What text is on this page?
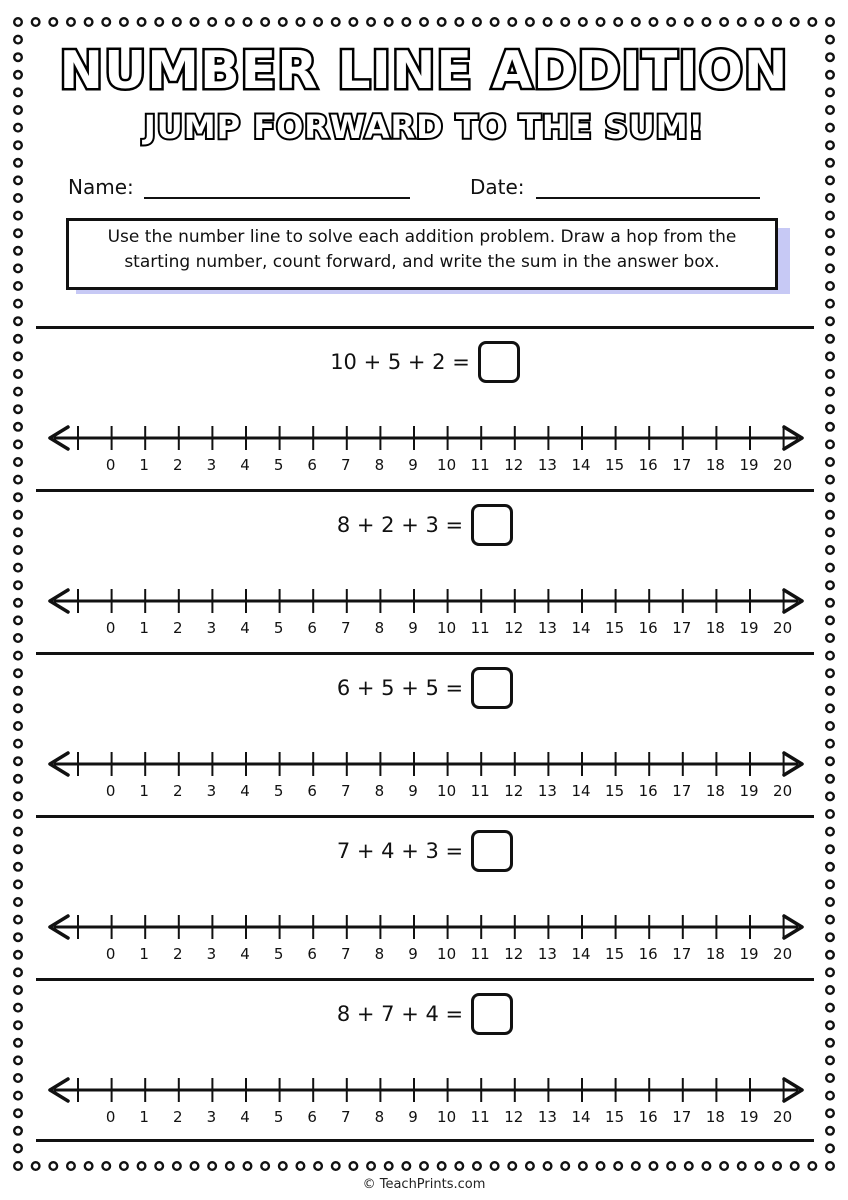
NUMBER LINE ADDITION
JUMP FORWARD TO THE SUM!
Name:	Date:
Use the number line to solve each addition problem. Draw a hop from the
starting number, count forward, and write the sum in the answer box.
10 + 5 + 2 =
0 1 2 3 4 5 6 7 8 9 10 11 12 13 14 15 16 17 18 19 20
8 + 2 + 3 =
0 1 2 3 4 5 6 7 8 9 10 11 12 13 14 15 16 17 18 19 20
6 + 5 + 5 =
0 1 2 3 4 5 6 7 8 9 10 11 12 13 14 15 16 17 18 19 20
7 + 4 + 3 =
0 1 2 3 4 5 6 7 8 9 10 11 12 13 14 15 16 17 18 19 20
8 + 7 + 4 =
0 1 2 3 4 5 6 7 8 9 10 11 12 13 14 15 16 17 18 19 20
© TeachPrints.com
